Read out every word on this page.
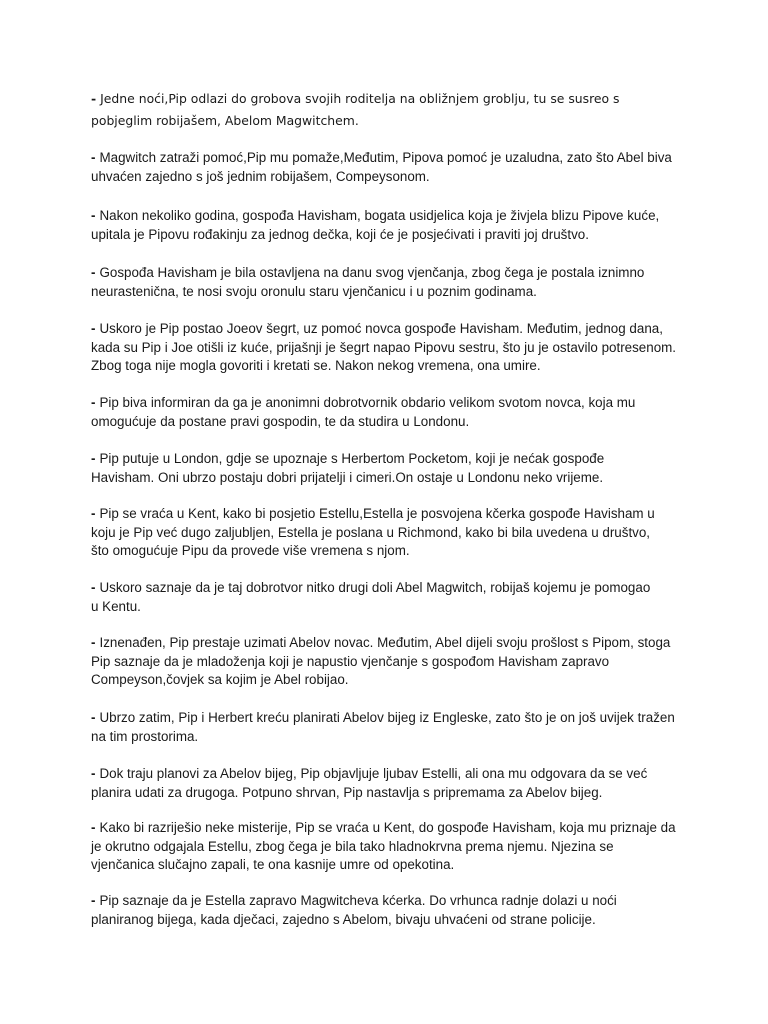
- Jedne noći,Pip odlazi do grobova svojih roditelja na obližnjem groblju, tu se susreo s pobjeglim robijašem, Abelom Magwitchem.

- Magwitch zatraži pomoć,Pip mu pomaže,Međutim, Pipova pomoć je uzaludna, zato što Abel biva uhvaćen zajedno s još jednim robijašem, Compeysonom.

- Nakon nekoliko godina, gospođa Havisham, bogata usidjelica koja je živjela blizu Pipove kuće, upitala je Pipovu rođakinju za jednog dečka, koji će je posjećivati i praviti joj društvo.

- Gospođa Havisham je bila ostavljena na danu svog vjenčanja, zbog čega je postala iznimno neurastenična, te nosi svoju oronulu staru vjenčanicu i u poznim godinama.

- Uskoro je Pip postao Joeov šegrt, uz pomoć novca gospođe Havisham. Međutim, jednog dana, kada su Pip i Joe otišli iz kuće, prijašnji je šegrt napao Pipovu sestru, što ju je ostavilo potresenom. Zbog toga nije mogla govoriti i kretati se. Nakon nekog vremena, ona umire.

- Pip biva informiran da ga je anonimni dobrotvornik obdario velikom svotom novca, koja mu omogućuje da postane pravi gospodin, te da studira u Londonu.

- Pip putuje u London, gdje se upoznaje s Herbertom Pocketom, koji je nećak gospođe Havisham. Oni ubrzo postaju dobri prijatelji i cimeri.On ostaje u Londonu neko vrijeme.

- Pip se vraća u Kent, kako bi posjetio Estellu,Estella je posvojena kčerka gospođe Havisham u koju je Pip već dugo zaljubljen, Estella je poslana u Richmond, kako bi bila uvedena u društvo, što omogućuje Pipu da provede više vremena s njom.

- Uskoro saznaje da je taj dobrotvor nitko drugi doli Abel Magwitch, robijaš kojemu je pomogao u Kentu.

- Iznenađen, Pip prestaje uzimati Abelov novac. Međutim, Abel dijeli svoju prošlost s Pipom, stoga Pip saznaje da je mladoženja koji je napustio vjenčanje s gospođom Havisham zapravo Compeyson,čovjek sa kojim je Abel robijao.

- Ubrzo zatim, Pip i Herbert kreću planirati Abelov bijeg iz Engleske, zato što je on još uvijek tražen na tim prostorima.

- Dok traju planovi za Abelov bijeg, Pip objavljuje ljubav Estelli, ali ona mu odgovara da se već planira udati za drugoga. Potpuno shrvan, Pip nastavlja s pripremama za Abelov bijeg.

- Kako bi razriješio neke misterije, Pip se vraća u Kent, do gospođe Havisham, koja mu priznaje da je okrutno odgajala Estellu, zbog čega je bila tako hladnokrvna prema njemu. Njezina se vjenčanica slučajno zapali, te ona kasnije umre od opekotina.

- Pip saznaje da je Estella zapravo Magwitcheva kćerka. Do vrhunca radnje dolazi u noći planiranog bijega, kada dječaci, zajedno s Abelom, bivaju uhvaćeni od strane policije.
